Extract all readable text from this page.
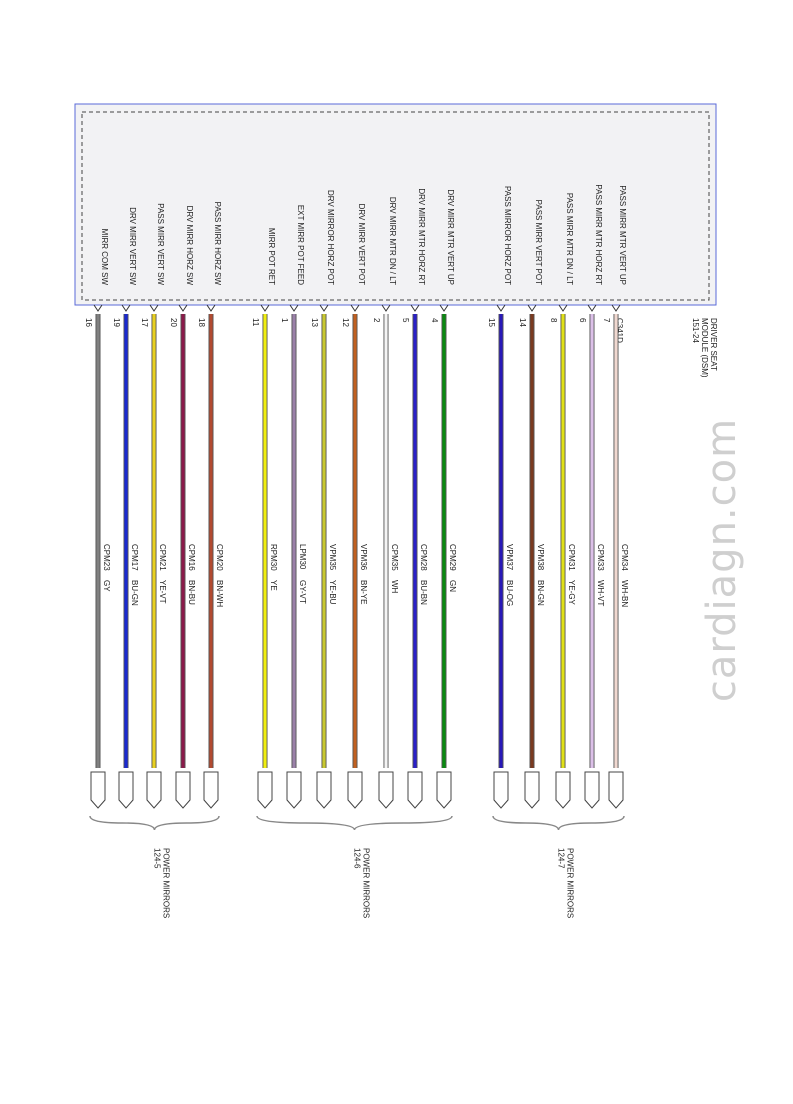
C341D	DRIVER SEAT
MODULE (DSM)
151-24
MIRR COM SW
16
CPM23
GY
DRV MIRR VERT SW
19
CPM17
BU-GN
PASS MIRR VERT SW
17
CPM21
YE-VT
DRV MIRR HORZ SW
20
CPM16
BN-BU
PASS MIRR HORZ SW
18
CPM20
BN-WH
MIRR POT RET
11
RPM30
YE
EXT MIRR POT FEED
1
LPM30
GY-VT
DRV MIRROR HORZ POT
13
VPM35
YE-BU
DRV MIRR VERT POT
12
VPM36
BN-YE
DRV MIRR MTR DN / LT
2
CPM35
WH
DRV MIRR MTR HORZ RT
5
CPM28
BU-BN
DRV MIRR MTR VERT UP
4
CPM29
GN
PASS MIRROR HORZ POT
15
VPM37
BU-OG
PASS MIRR VERT POT
14
VPM38
BN-GN
PASS MIRR MTR DN / LT
8
CPM31
YE-GY
PASS MIRR MTR HORZ RT
6
CPM33
WH-VT
PASS MIRR MTR VERT UP
7
CPM34
WH-BN
POWER MIRRORS
124-5	POWER MIRRORS
124-6	POWER MIRRORS
124-7
cardiagn.com
